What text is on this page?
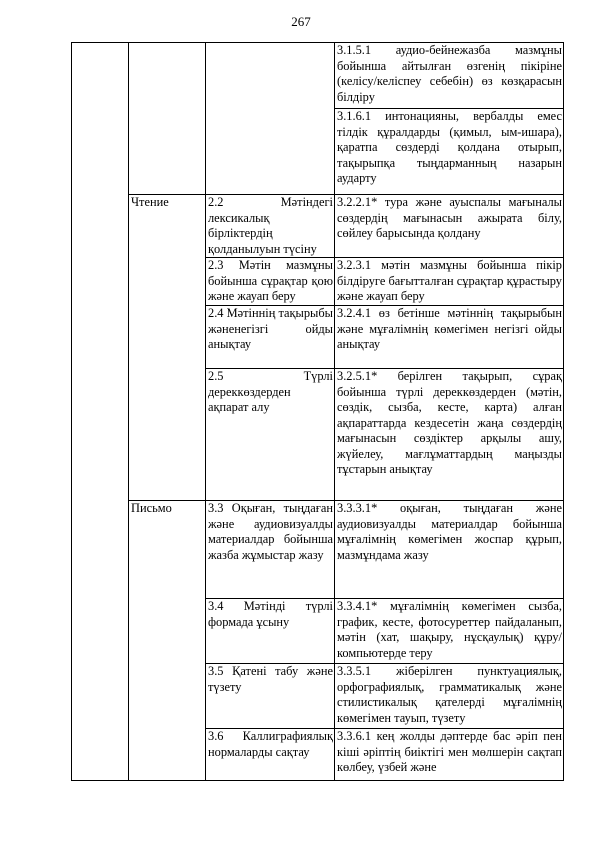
267

			3.1.5.1 аудио-бейнежазба мазмұны бойынша айтылған өзгенің пікіріне (келісу/келіспеу себебін) өз көзқарасын білдіру

			3.1.6.1 интонацияны, вербалды емес тілдік құралдарды (қимыл, ым-ишара), қаратпа сөздерді қолдана отырып, тақырыпқа тыңдарманның назарын аударту

	Чтение	2.2 Мәтіндегі лексикалық бірліктердің қолданылуын түсіну	3.2.2.1* тура және ауыспалы мағыналы сөздердің мағынасын ажырата білу, сөйлеу барысында қолдану

		2.3 Мәтін мазмұны бойынша сұрақтар қою және жауап беру	3.2.3.1 мәтін мазмұны бойынша пікір білдіруге бағытталған сұрақтар құрастыру және жауап беру

		2.4 Мәтіннің тақырыбы жәненегізгі ойды анықтау	3.2.4.1 өз бетінше мәтіннің тақырыбын және мұғалімнің көмегімен негізгі ойды анықтау

		2.5 Түрлі дереккөздерден ақпарат алу	3.2.5.1* берілген тақырып, сұрақ бойынша түрлі дереккөздерден (мәтін, сөздік, сызба, кесте, карта) алған ақпараттарда кездесетін жаңа сөздердің мағынасын сөздіктер арқылы ашу, жүйелеу, мағлұматтардың маңызды тұстарын анықтау

	Письмо	3.3 Оқыған, тыңдаған және аудиовизуалды материалдар бойынша жазба жұмыстар жазу	3.3.3.1* оқыған, тыңдаған және аудиовизуалды материалдар бойынша мұғалімнің көмегімен жоспар құрып, мазмұндама жазу

		3.4 Мәтінді түрлі формада ұсыну	3.3.4.1* мұғалімнің көмегімен сызба, график, кесте, фотосуреттер пайдаланып, мәтін (хат, шақыру, нұсқаулық) құру/компьютерде теру

		3.5 Қатені табу және түзету	3.3.5.1 жіберілген пунктуациялық, орфографиялық, грамматикалық және стилистикалық қателерді мұғалімнің көмегімен тауып, түзету

		3.6 Каллиграфиялық нормаларды сақтау	3.3.6.1 кең жолды дәптерде бас әріп пен кіші әріптің биіктігі мен мөлшерін сақтап көлбеу, үзбей және
